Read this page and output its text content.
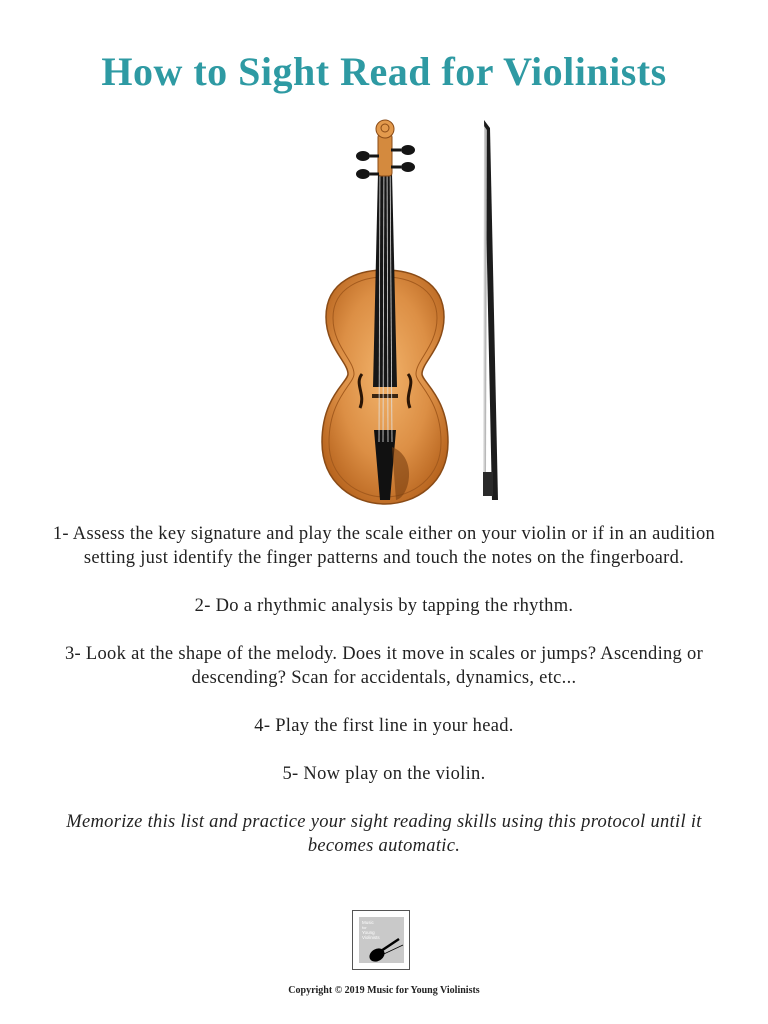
How to Sight Read for Violinists

1- Assess the key signature and play the scale either on your violin or if in an audition setting just identify the finger patterns and touch the notes on the fingerboard.

2- Do a rhythmic analysis by tapping the rhythm.

3- Look at the shape of the melody. Does it move in scales or jumps? Ascending or descending? Scan for accidentals, dynamics, etc...

4- Play the first line in your head.

5- Now play on the violin.

Memorize this list and practice your sight reading skills using this protocol until it becomes automatic.

Music
for
Young
Violinists
Copyright © 2019 Music for Young Violinists
